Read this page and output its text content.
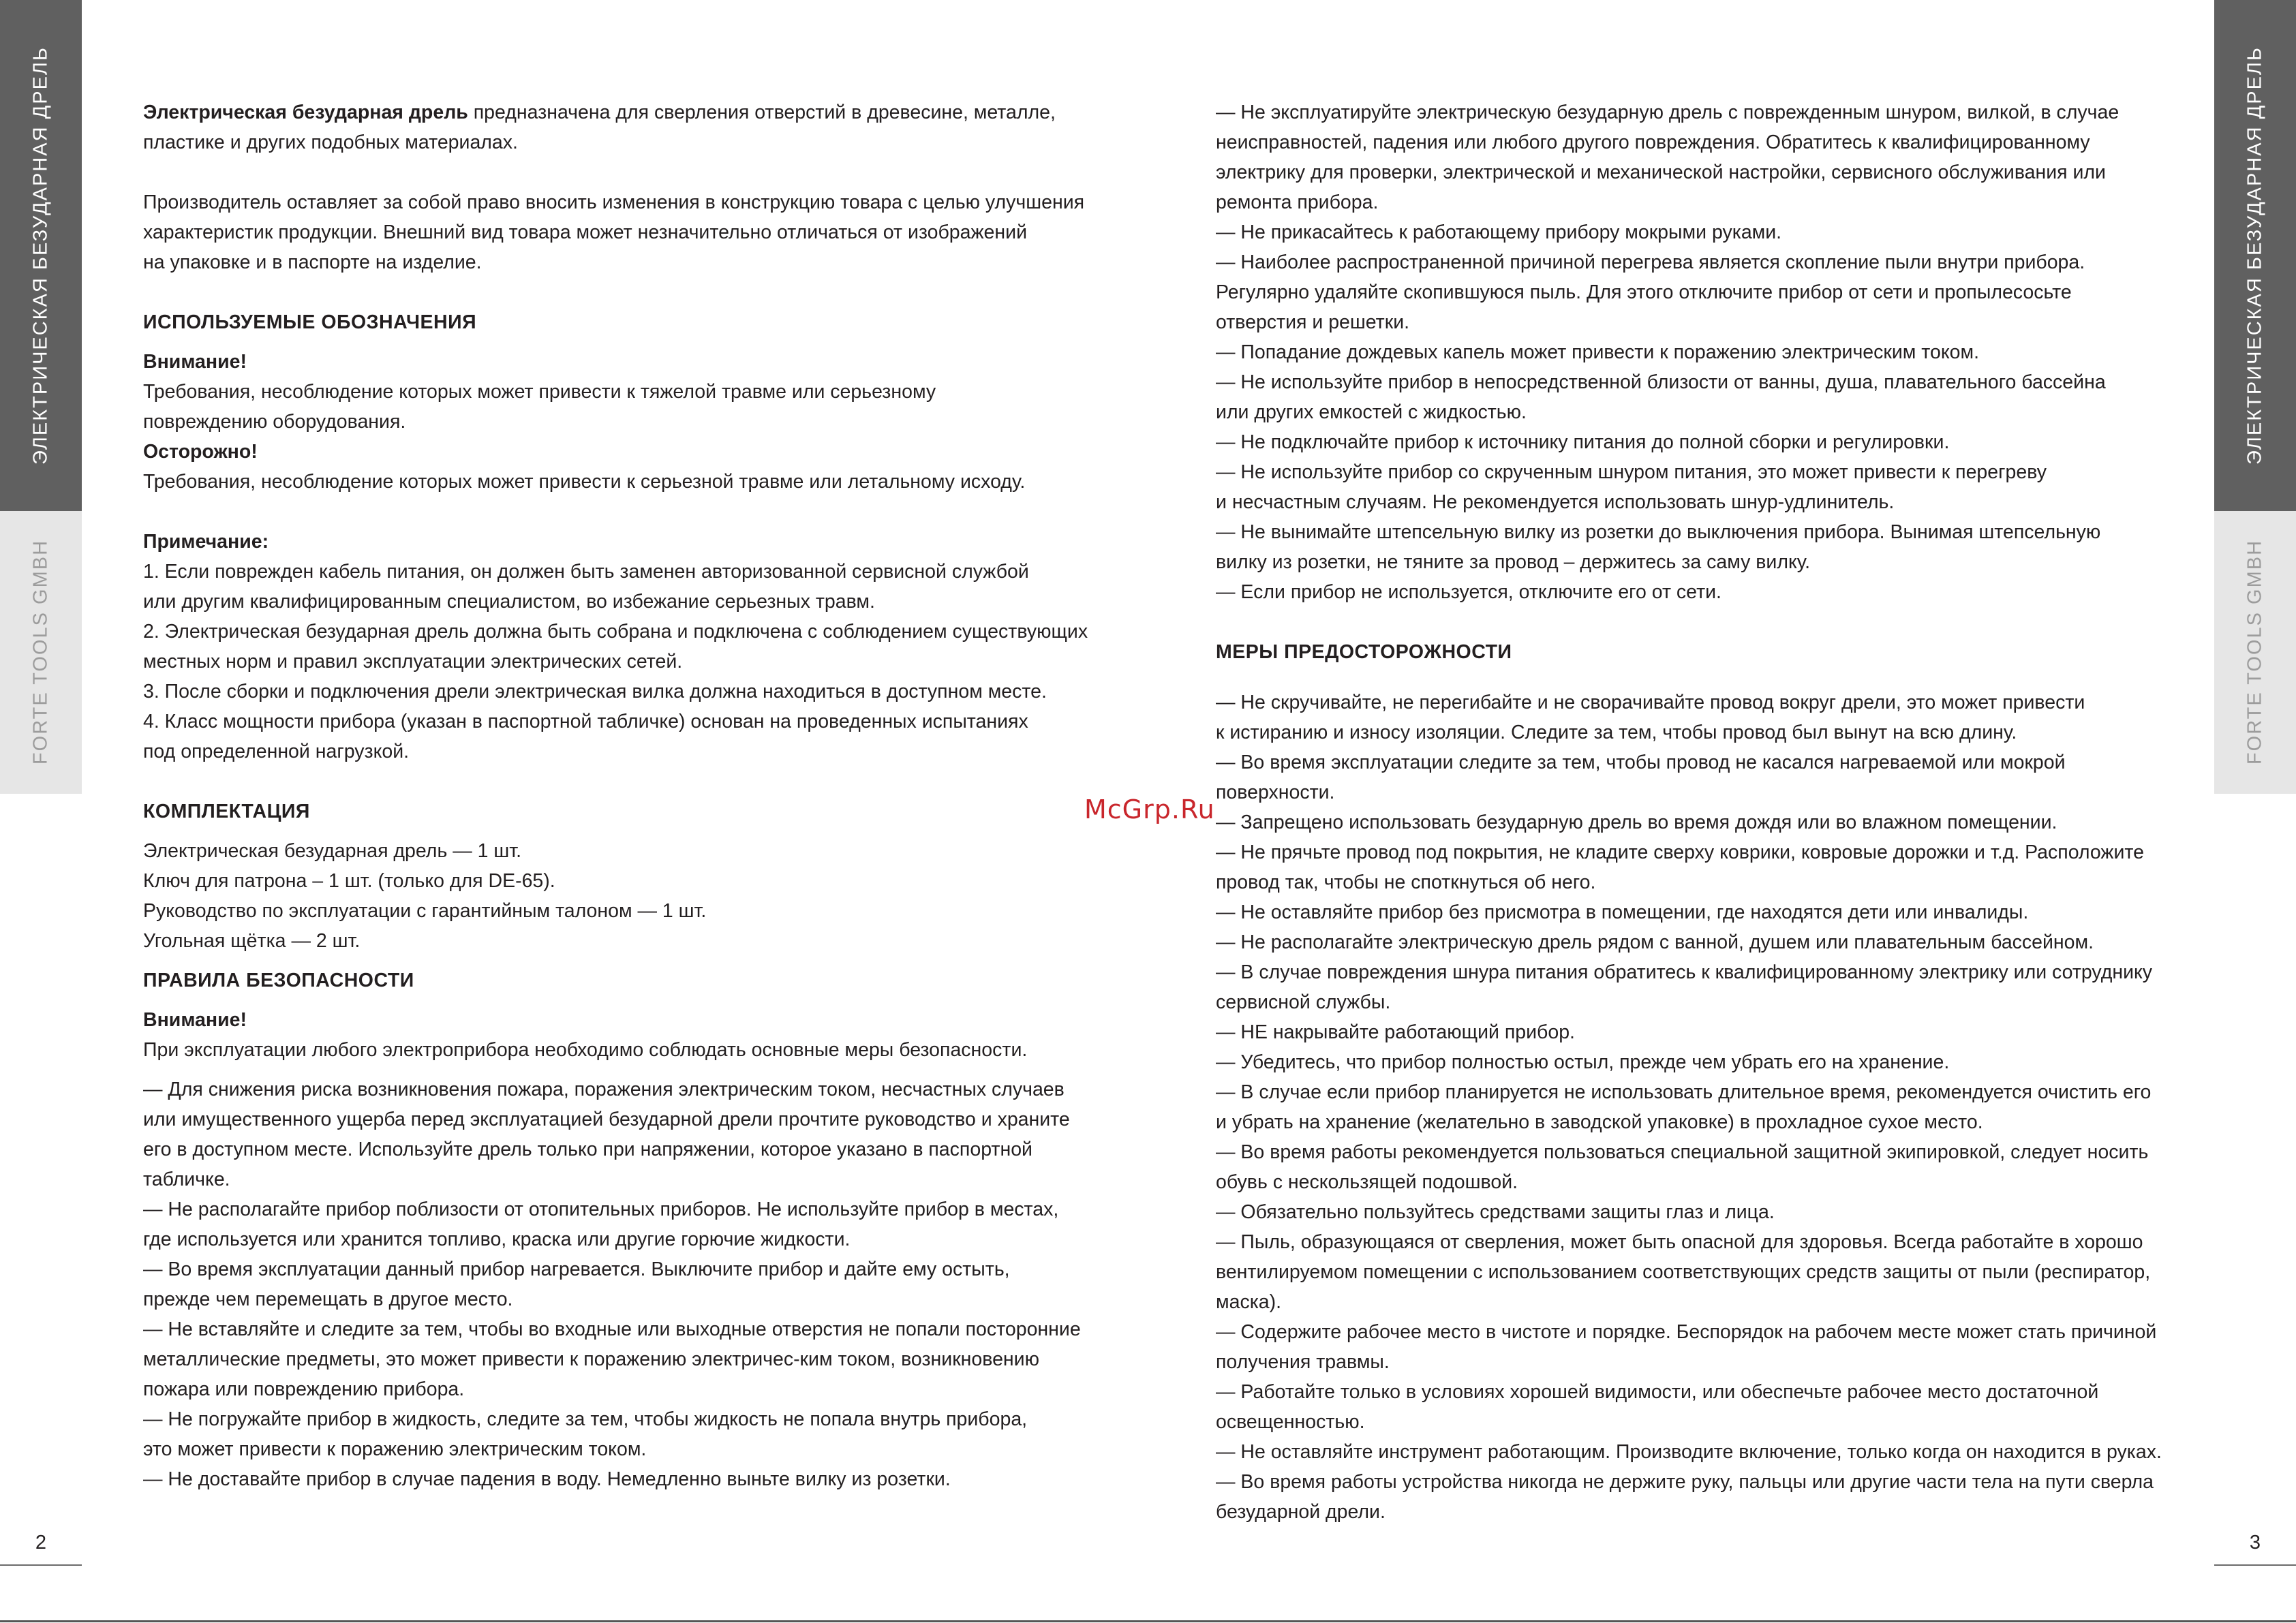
ЭЛЕКТРИЧЕСКАЯ БЕЗУДАРНАЯ ДРЕЛЬ
FORTE TOOLS GMBH
2
ЭЛЕКТРИЧЕСКАЯ БЕЗУДАРНАЯ ДРЕЛЬ
FORTE TOOLS GMBH
3

Электрическая безударная дрель предназначена для сверления отверстий в древесине, металле,

пластике и других подобных материалах.

Производитель оставляет за собой право вносить изменения в конструкцию товара с целью улучшения

характеристик продукции. Внешний вид товара может незначительно отличаться от изображений

на упаковке и в паспорте на изделие.

ИСПОЛЬЗУЕМЫЕ ОБОЗНАЧЕНИЯ

Внимание!

Требования, несоблюдение которых может привести к тяжелой травме или серьезному

повреждению оборудования.

Осторожно!

Требования, несоблюдение которых может привести к серьезной травме или летальному исходу.

Примечание:

1. Если поврежден кабель питания, он должен быть заменен авторизованной сервисной службой

или другим квалифицированным специалистом, во избежание серьезных травм.

2. Электрическая безударная дрель должна быть собрана и подключена с соблюдением существующих

местных норм и правил эксплуатации электрических сетей.

3. После сборки и подключения дрели электрическая вилка должна находиться в доступном месте.

4. Класс мощности прибора (указан в паспортной табличке) основан на проведенных испытаниях

под определенной нагрузкой.

КОМПЛЕКТАЦИЯ

Электрическая безударная дрель — 1 шт.

Ключ для патрона – 1 шт. (только для DE-65).

Руководство по эксплуатации с гарантийным талоном — 1 шт.

Угольная щётка — 2 шт.

ПРАВИЛА БЕЗОПАСНОСТИ

Внимание!

При эксплуатации любого электроприбора необходимо соблюдать основные меры безопасности.

— Для снижения риска возникновения пожара, поражения электрическим током, несчастных случаев

или имущественного ущерба перед эксплуатацией безударной дрели прочтите руководство и храните

его в доступном месте. Используйте дрель только при напряжении, которое указано в паспортной

табличке.

— Не располагайте прибор поблизости от отопительных приборов. Не используйте прибор в местах,

где используется или хранится топливо, краска или другие горючие жидкости.

— Во время эксплуатации данный прибор нагревается. Выключите прибор и дайте ему остыть,

прежде чем перемещать в другое место.

— Не вставляйте и следите за тем, чтобы во входные или выходные отверстия не попали посторонние

металлические предметы, это может привести к поражению электричес-ким током, возникновению

пожара или повреждению прибора.

— Не погружайте прибор в жидкость, следите за тем, чтобы жидкость не попала внутрь прибора,

это может привести к поражению электрическим током.

— Не доставайте прибор в случае падения в воду. Немедленно выньте вилку из розетки.

— Не эксплуатируйте электрическую безударную дрель с поврежденным шнуром, вилкой, в случае

неисправностей, падения или любого другого повреждения. Обратитесь к квалифицированному

электрику для проверки, электрической и механической настройки, сервисного обслуживания или

ремонта прибора.

— Не прикасайтесь к работающему прибору мокрыми руками.

— Наиболее распространенной причиной перегрева является скопление пыли внутри прибора.

Регулярно удаляйте скопившуюся пыль. Для этого отключите прибор от сети и пропылесосьте

отверстия и решетки.

— Попадание дождевых капель может привести к поражению электрическим током.

— Не используйте прибор в непосредственной близости от ванны, душа, плавательного бассейна

или других емкостей с жидкостью.

— Не подключайте прибор к источнику питания до полной сборки и регулировки.

— Не используйте прибор со скрученным шнуром питания, это может привести к перегреву

и несчастным случаям. Не рекомендуется использовать шнур-удлинитель.

— Не вынимайте штепсельную вилку из розетки до выключения прибора. Вынимая штепсельную

вилку из розетки, не тяните за провод – держитесь за саму вилку.

— Если прибор не используется, отключите его от сети.

МЕРЫ ПРЕДОСТОРОЖНОСТИ

— Не скручивайте, не перегибайте и не сворачивайте провод вокруг дрели, это может привести

к истиранию и износу изоляции. Следите за тем, чтобы провод был вынут на всю длину.

— Во время эксплуатации следите за тем, чтобы провод не касался нагреваемой или мокрой

поверхности.

— Запрещено использовать безударную дрель во время дождя или во влажном помещении.

— Не прячьте провод под покрытия, не кладите сверху коврики, ковровые дорожки и т.д. Расположите

провод так, чтобы не споткнуться об него.

— Не оставляйте прибор без присмотра в помещении, где находятся дети или инвалиды.

— Не располагайте электрическую дрель рядом с ванной, душем или плавательным бассейном.

— В случае повреждения шнура питания обратитесь к квалифицированному электрику или сотруднику

сервисной службы.

— НЕ накрывайте работающий прибор.

— Убедитесь, что прибор полностью остыл, прежде чем убрать его на хранение.

— В случае если прибор планируется не использовать длительное время, рекомендуется очистить его

и убрать на хранение (желательно в заводской упаковке) в прохладное сухое место.

— Во время работы рекомендуется пользоваться специальной защитной экипировкой, следует носить

обувь с нескользящей подошвой.

— Обязательно пользуйтесь средствами защиты глаз и лица.

— Пыль, образующаяся от сверления, может быть опасной для здоровья. Всегда работайте в хорошо

вентилируемом помещении с использованием соответствующих средств защиты от пыли (респиратор,

маска).

— Содержите рабочее место в чистоте и порядке. Беспорядок на рабочем месте может стать причиной

получения травмы.

— Работайте только в условиях хорошей видимости, или обеспечьте рабочее место достаточной

освещенностью.

— Не оставляйте инструмент работающим. Производите включение, только когда он находится в руках.

— Во время работы устройства никогда не держите руку, пальцы или другие части тела на пути сверла

безударной дрели.

McGrp.Ru
